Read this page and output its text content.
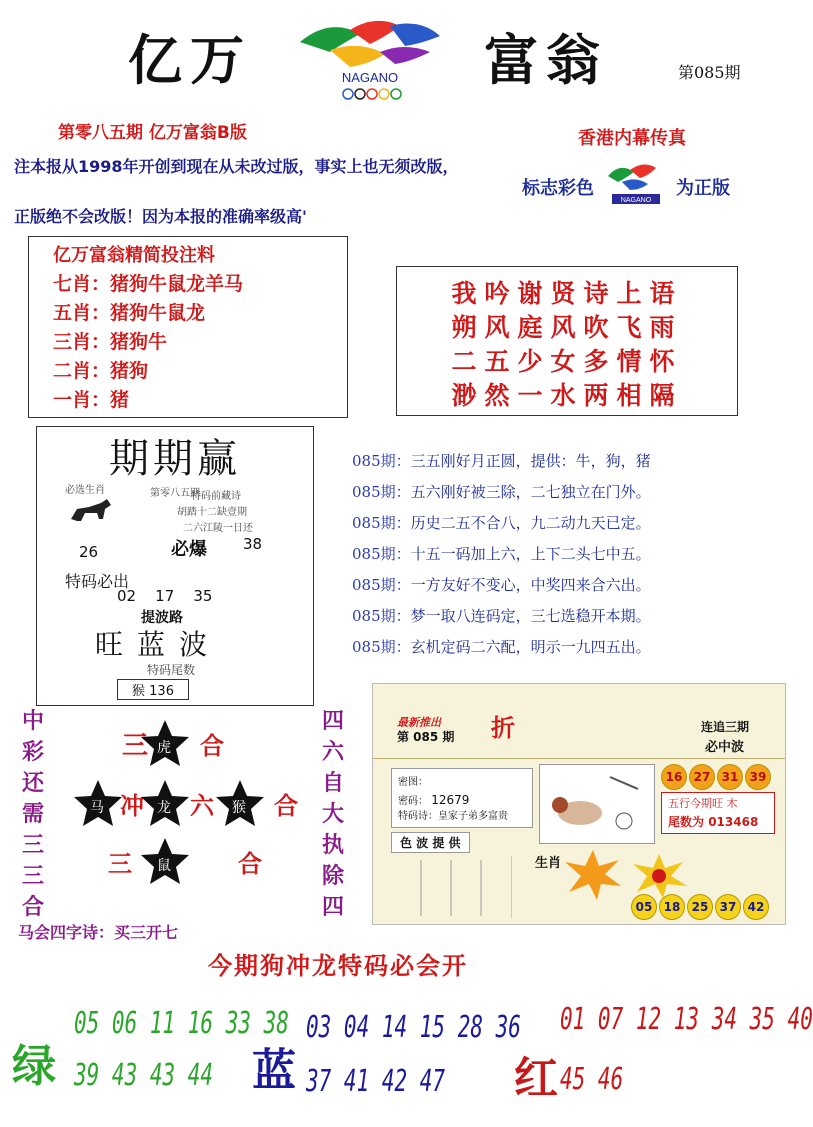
亿万	NAGANO 富翁	第085期
第零八五期 亿万富翁B版
注本报从1998年开创到现在从未改过版，事实上也无须改版，
正版绝不会改版！因为本报的准确率级高'
香港内幕传真
标志彩色
NAGANO
为正版
亿万富翁精简投注料
七肖：猪狗牛鼠龙羊马
五肖：猪狗牛鼠龙
三肖：猪狗牛
二肖：猪狗
一肖：猪
我吟谢贤诗上语
朔风庭风吹飞雨
二五少女多情怀
渺然一水两相隔
期期赢
第零八五期
必选生肖
特码前藏诗
胡踏十二缺壹期
二六江陵一日还
26	必爆 38
特码必出
02    17    35
提波路
旺蓝波
特码尾数
猴 136
085期：三五刚好月正圆，提供：牛，狗，猪
085期：五六刚好被三除，二七独立在门外。
085期：历史二五不合八，九二动九天已定。
085期：十五一码加上六，上下二头七中五。
085期：一方友好不变心，中奖四来合六出。
085期：梦一取八连码定，三七选稳开本期。
085期：玄机定码二六配，明示一九四五出。
中
彩
还
需
三
三
合
四
六
自
大
执
除
四
三 虎 合
马 冲 龙 六 猴 合
三 鼠	合
马会四字诗：买三开七
最新推出
第 085 期 折	连追三期
必中波
密图：
密码： 12679
特码诗：皇家子弟多富贵
16 27 31 39
五行今期旺 木
尾数为 013468
色 波 提 供
生肖
05 18 25 37 42
今期狗冲龙特码必会开
绿
05 06 11 16 33 38
39 43 43 44 蓝
03 04 14 15 28 36
37 41 42 47 红
01 07 12 13 34 35 40
45 46
